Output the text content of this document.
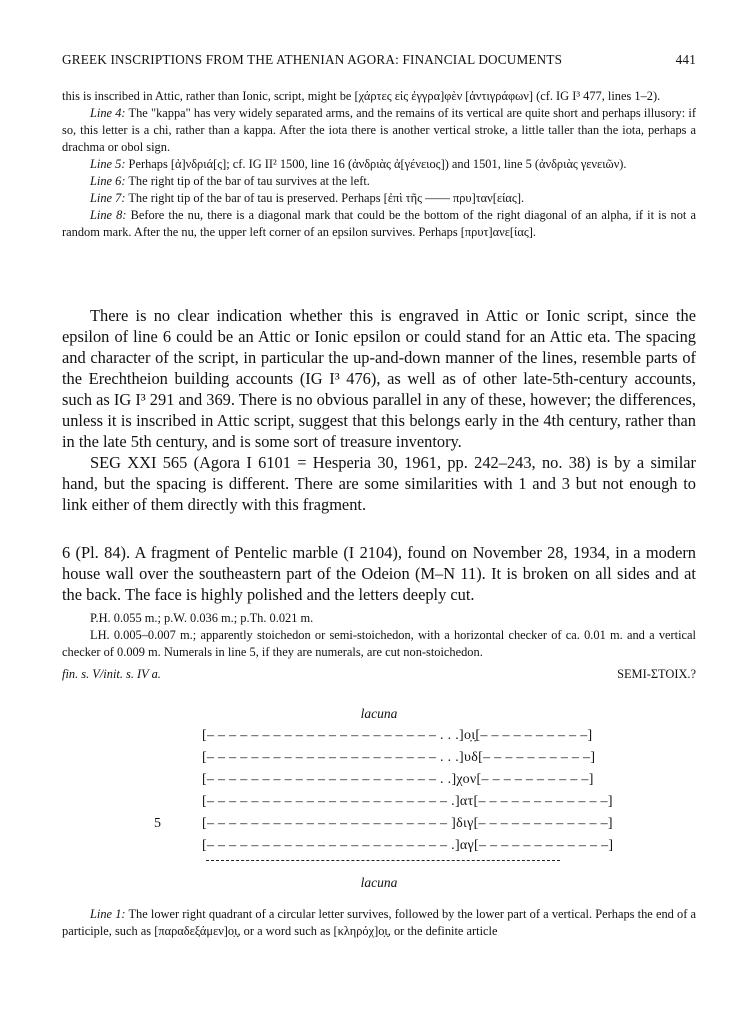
GREEK INSCRIPTIONS FROM THE ATHENIAN AGORA: FINANCIAL DOCUMENTS	441

this is inscribed in Attic, rather than Ionic, script, might be [χάρτες εἰς ἐγγρα]φὲν [ἀντιγράφων] (cf. IG I³ 477, lines 1–2).

Line 4: The "kappa" has very widely separated arms, and the remains of its vertical are quite short and perhaps illusory: if so, this letter is a chi, rather than a kappa. After the iota there is another vertical stroke, a little taller than the iota, perhaps a drachma or obol sign.

Line 5: Perhaps [ἀ]νδριά[ς]; cf. IG II² 1500, line 16 (ἀνδριὰς ἀ[γένειος]) and 1501, line 5 (ἀνδριὰς γενειῶν).

Line 6: The right tip of the bar of tau survives at the left.

Line 7: The right tip of the bar of tau is preserved. Perhaps [ἐπὶ τῆς –––– πρυ]ταν[είας].

Line 8: Before the nu, there is a diagonal mark that could be the bottom of the right diagonal of an alpha, if it is not a random mark. After the nu, the upper left corner of an epsilon survives. Perhaps [πρυτ]ανε[ίας].

There is no clear indication whether this is engraved in Attic or Ionic script, since the epsilon of line 6 could be an Attic or Ionic epsilon or could stand for an Attic eta. The spacing and character of the script, in particular the up-and-down manner of the lines, resemble parts of the Erechtheion building accounts (IG I³ 476), as well as of other late-5th-century accounts, such as IG I³ 291 and 369. There is no obvious parallel in any of these, however; the differences, unless it is inscribed in Attic script, suggest that this belongs early in the 4th century, rather than in the late 5th century, and is some sort of treasure inventory.

SEG XXI 565 (Agora I 6101 = Hesperia 30, 1961, pp. 242–243, no. 38) is by a similar hand, but the spacing is different. There are some similarities with 1 and 3 but not enough to link either of them directly with this fragment.

6 (Pl. 84). A fragment of Pentelic marble (I 2104), found on November 28, 1934, in a modern house wall over the southeastern part of the Odeion (M–N 11). It is broken on all sides and at the back. The face is highly polished and the letters deeply cut.

P.H. 0.055 m.; p.W. 0.036 m.; p.Th. 0.021 m.

LH. 0.005–0.007 m.; apparently stoichedon or semi-stoichedon, with a horizontal checker of ca. 0.01 m. and a vertical checker of 0.009 m. Numerals in line 5, if they are numerals, are cut non-stoichedon.

fin. s. V/init. s. IV a.	SEMI-ΣΤΟΙΧ.?
lacuna
[– – – – – – – – – – – – – – – – – – – – – . . .]ο̣ι̣[– – – – – – – – – –]
[– – – – – – – – – – – – – – – – – – – – – . . .]υδ[– – – – – – – – – –]
[– – – – – – – – – – – – – – – – – – – – – . .]χον[– – – – – – – – – –]
[– – – – – – – – – – – – – – – – – – – – – – .]ατ[– – – – – – – – – – – –]
5	[– – – – – – – – – – – – – – – – – – – – – – ]διγ[– – – – – – – – – – – –]
[– – – – – – – – – – – – – – – – – – – – – – .]αγ[– – – – – – – – – – – –]
lacuna

Line 1: The lower right quadrant of a circular letter survives, followed by the lower part of a vertical. Perhaps the end of a participle, such as [παραδεξάμεν]ο̣ι̣, or a word such as [κληρόχ]ο̣ι̣, or the definite article
